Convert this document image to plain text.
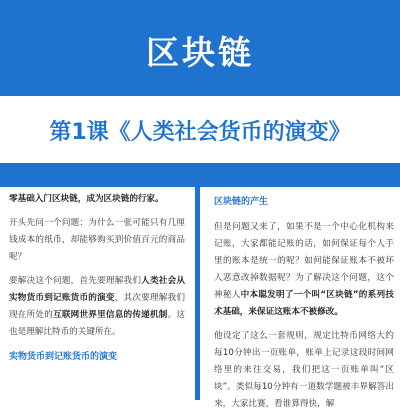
区块链
第1课《人类社会货币的演变》

零基础入门区块链，成为区块链的行家。

开头先问一个问题：为什么一张可能只有几厘钱成本的纸币，却能够购买到价值百元的商品呢？

要解决这个问题，首先要理解我们人类社会从实物货币到记账货币的演变，其次要理解我们现在所处的互联网世界里信息的传递机制。这也是理解比特币的关键所在。

实物货币到记账货币的演变
区块链的产生

但是问题又来了，如果不是一个中心化机构来记账，大家都能记账的话，如何保证每个人手里的账本是统一的呢？如何能保证账本不被坏人恶意改掉数据呢？为了解决这个问题，这个神秘人中本聪发明了一个叫“区块链”的系列技术基础，来保证这账本不被修改。

他设定了这么一套规则，规定比特币网络大约每10分钟出一页账单，账单上记录这段时间网络里的来往交易，我们把这一页账单叫“区块”。类似每10分钟有一道数学题被丰界解答出来，大家比赛，看谁算得快，解
